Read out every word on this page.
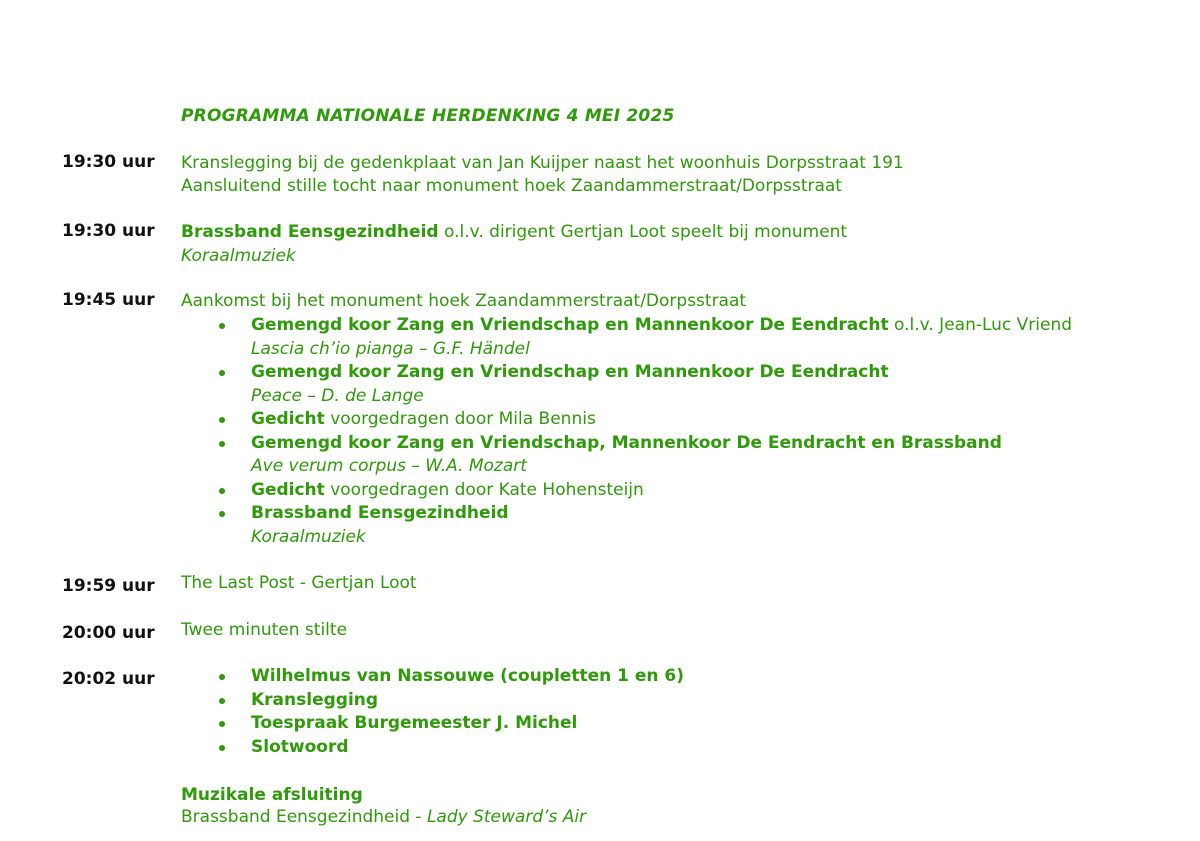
PROGRAMMA NATIONALE HERDENKING 4 MEI 2025
19:30 uur	Kranslegging bij de gedenkplaat van Jan Kuijper naast het woonhuis Dorpsstraat 191
Aansluitend stille tocht naar monument hoek Zaandammerstraat/Dorpsstraat
19:30 uur	Brassband Eensgezindheid o.l.v. dirigent Gertjan Loot speelt bij monument
Koraalmuziek
19:45 uur	Aankomst bij het monument hoek Zaandammerstraat/Dorpsstraat
Gemengd koor Zang en Vriendschap en Mannenkoor De Eendracht o.l.v. Jean-Luc Vriend
Lascia ch’io pianga – G.F. Händel
Gemengd koor Zang en Vriendschap en Mannenkoor De Eendracht
Peace – D. de Lange
Gedicht voorgedragen door Mila Bennis
Gemengd koor Zang en Vriendschap, Mannenkoor De Eendracht en Brassband
Ave verum corpus – W.A. Mozart
Gedicht voorgedragen door Kate Hohensteijn
Brassband Eensgezindheid
Koraalmuziek
19:59 uur	The Last Post - Gertjan Loot
20:00 uur	Twee minuten stilte
20:02 uur	Wilhelmus van Nassouwe (coupletten 1 en 6)
Kranslegging
Toespraak Burgemeester J. Michel
Slotwoord
Muzikale afsluiting
Brassband Eensgezindheid - Lady Steward’s Air
